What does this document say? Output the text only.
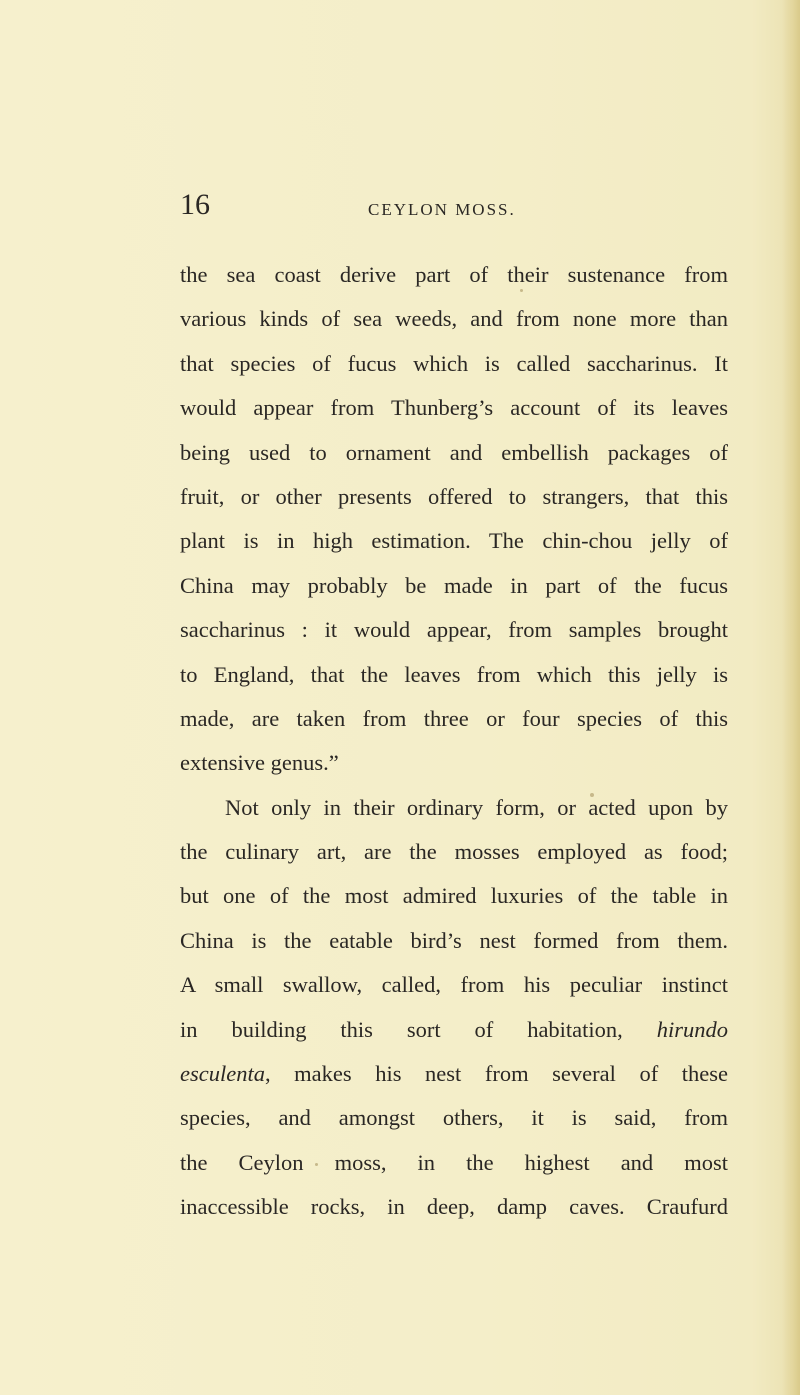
16	CEYLON MOSS.
the sea coast derive part of their sustenance from
various kinds of sea weeds, and from none more than
that species of fucus which is called saccharinus. It
would appear from Thunberg’s account of its leaves
being used to ornament and embellish packages of
fruit, or other presents offered to strangers, that this
plant is in high estimation. The chin-chou jelly of
China may probably be made in part of the fucus
saccharinus : it would appear, from samples brought
to England, that the leaves from which this jelly is
made, are taken from three or four species of this
extensive genus.”
Not only in their ordinary form, or acted upon by
the culinary art, are the mosses employed as food;
but one of the most admired luxuries of the table in
China is the eatable bird’s nest formed from them.
A small swallow, called, from his peculiar instinct
in building this sort of habitation, hirundo
esculenta, makes his nest from several of these
species, and amongst others, it is said, from
the Ceylon moss, in the highest and most
inaccessible rocks, in deep, damp caves. Craufurd
